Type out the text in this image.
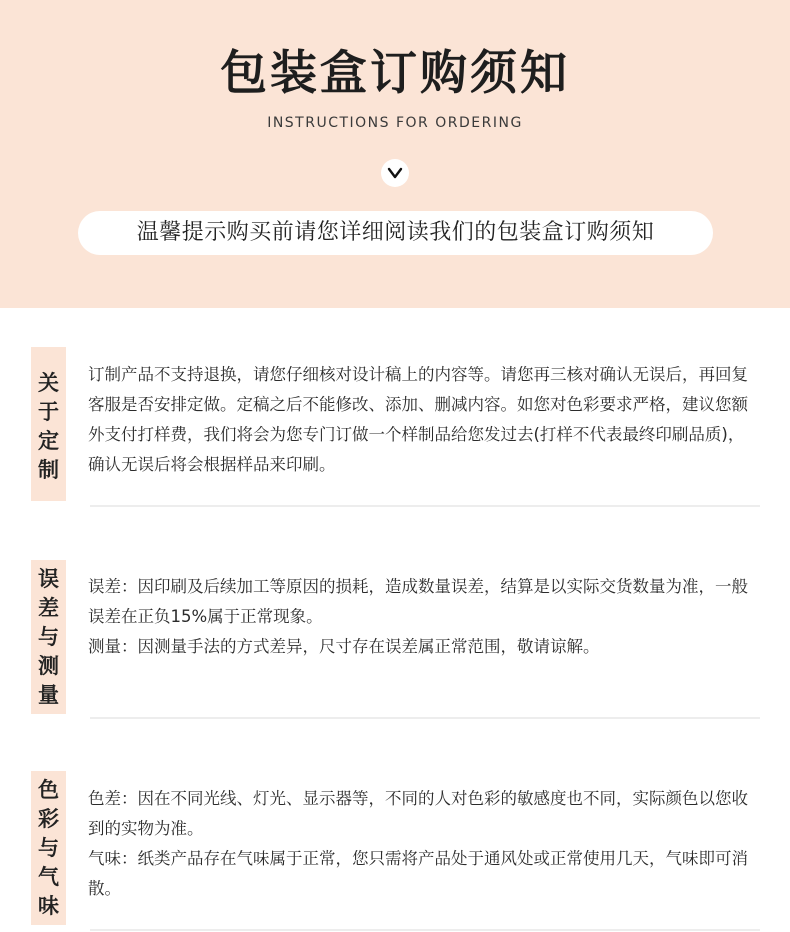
包装盒订购须知
INSTRUCTIONS FOR ORDERING
温馨提示购买前请您详细阅读我们的包装盒订购须知
关
于
定
制

订制产品不支持退换，请您仔细核对设计稿上的内容等。请您再三核对确认无误后，再回复客服是否安排定做。定稿之后不能修改、添加、删减内容。如您对色彩要求严格，建议您额外支付打样费，我们将会为您专门订做一个样制品给您发过去(打样不代表最终印刷品质)，确认无误后将会根据样品来印刷。

误
差
与
测
量

误差：因印刷及后续加工等原因的损耗，造成数量误差，结算是以实际交货数量为准，一般误差在正负15%属于正常现象。

测量：因测量手法的方式差异，尺寸存在误差属正常范围，敬请谅解。

色
彩
与
气
味

色差：因在不同光线、灯光、显示器等，不同的人对色彩的敏感度也不同，实际颜色以您收到的实物为准。

气味：纸类产品存在气味属于正常，您只需将产品处于通风处或正常使用几天，气味即可消散。
